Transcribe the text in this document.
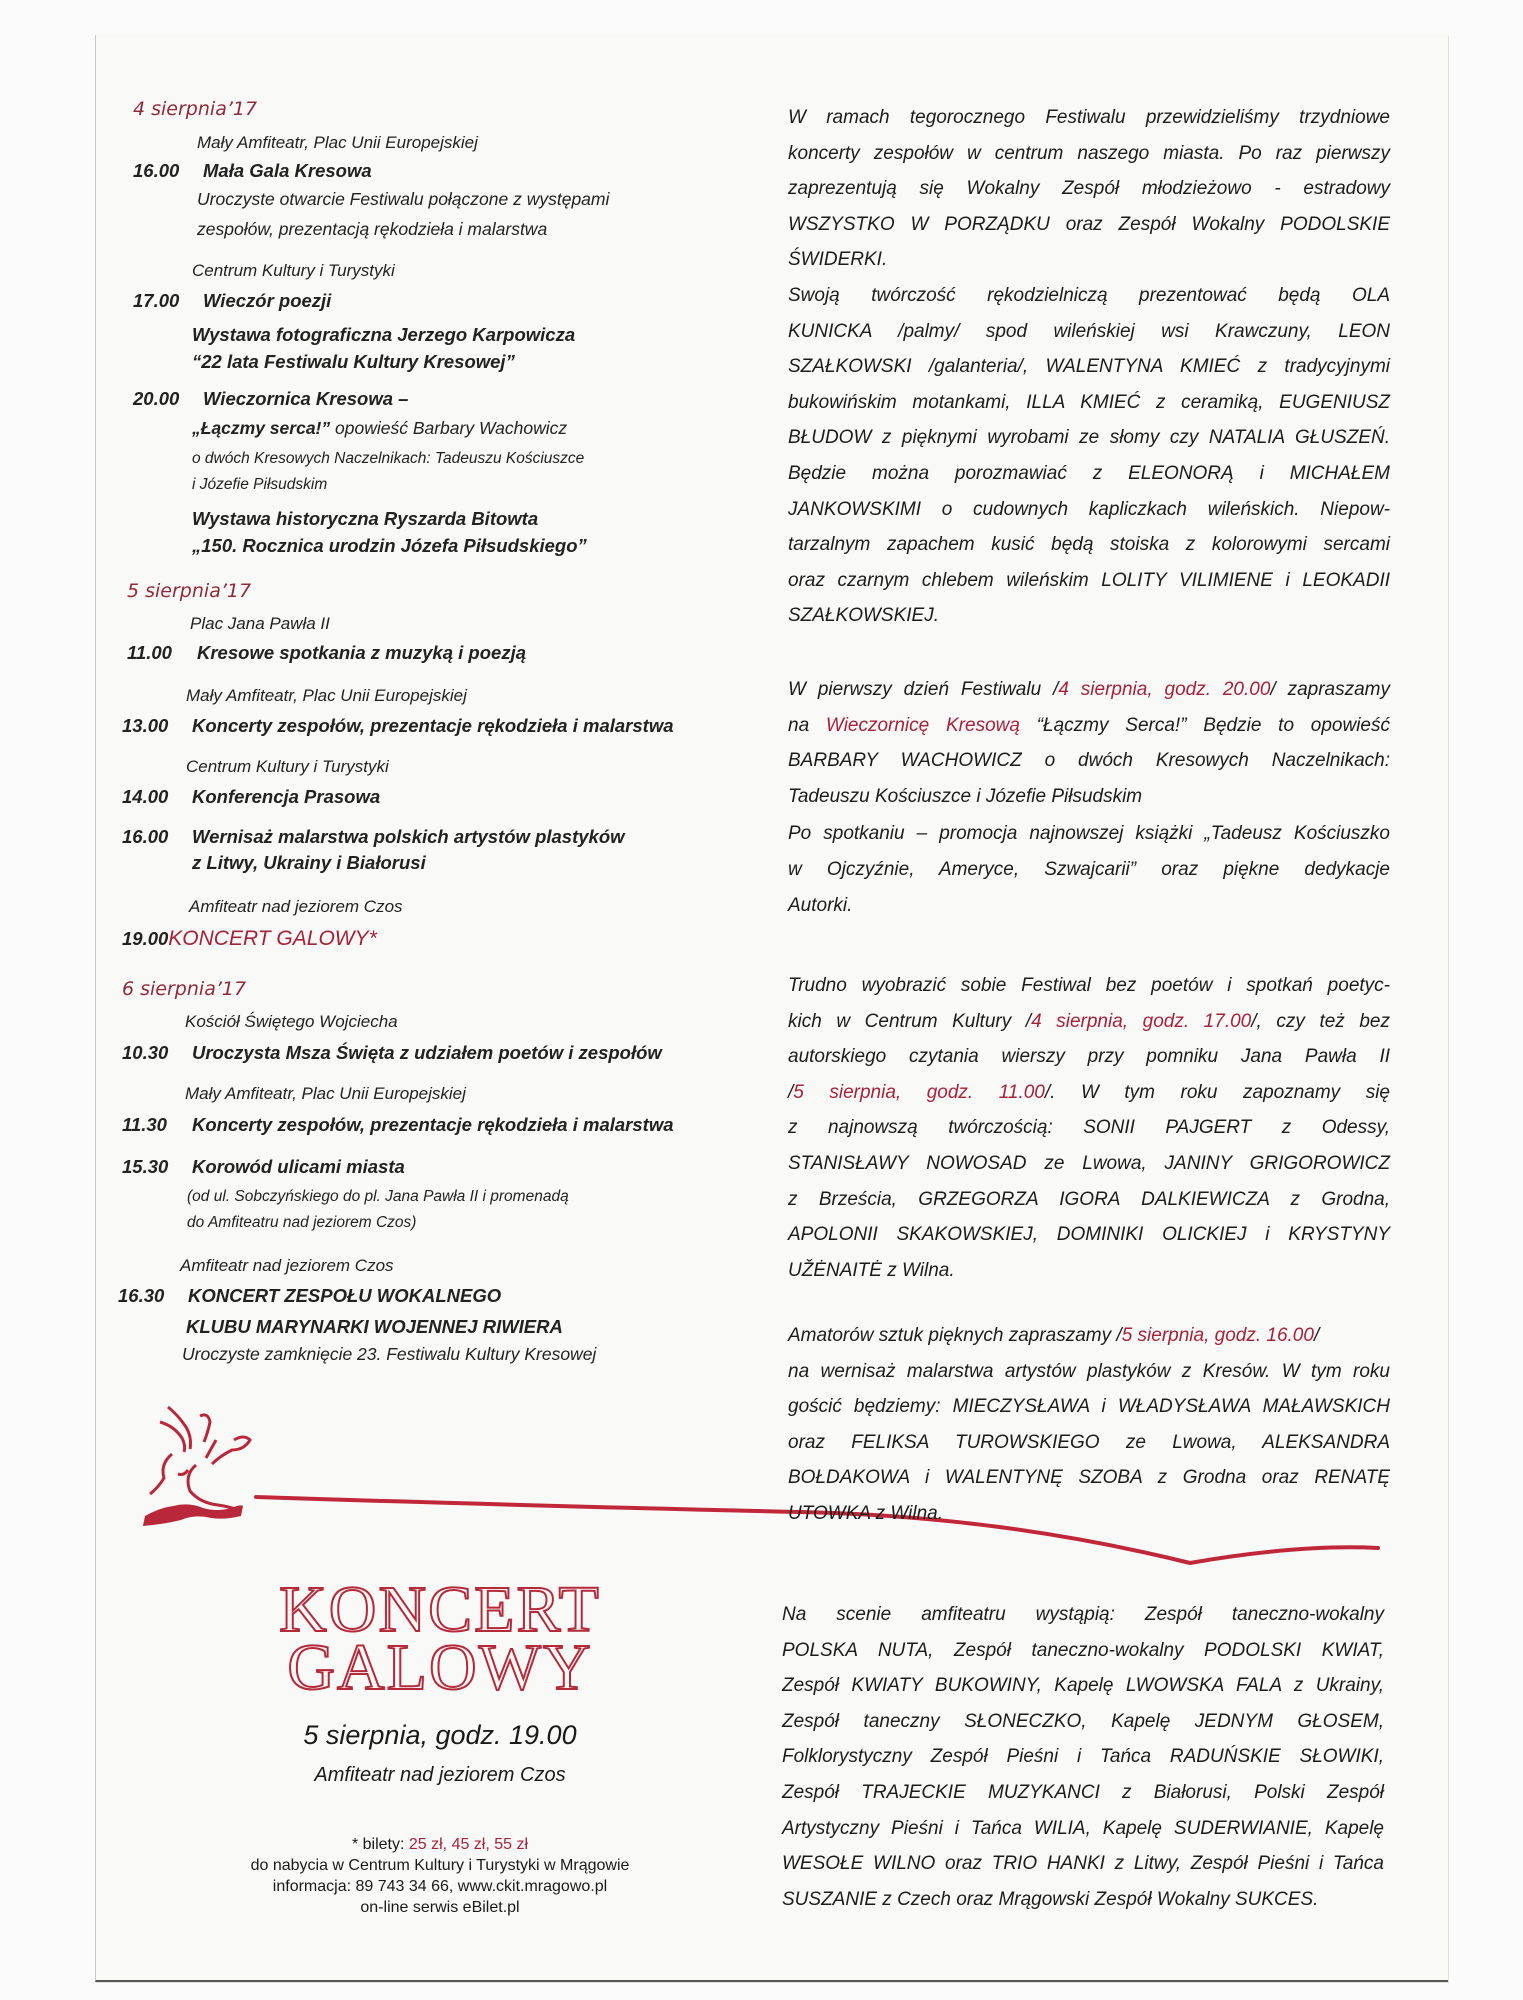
4 sierpnia’17
Mały Amfiteatr, Plac Unii Europejskiej
16.00 Mała Gala Kresowa
Uroczyste otwarcie Festiwalu połączone z występami
zespołów, prezentacją rękodzieła i malarstwa
Centrum Kultury i Turystyki
17.00 Wieczór poezji
Wystawa fotograficzna Jerzego Karpowicza
“22 lata Festiwalu Kultury Kresowej”
20.00 Wieczornica Kresowa –
„Łączmy serca!” opowieść Barbary Wachowicz
o dwóch Kresowych Naczelnikach: Tadeuszu Kościuszce
i Józefie Piłsudskim
Wystawa historyczna Ryszarda Bitowta
„150. Rocznica urodzin Józefa Piłsudskiego”
5 sierpnia’17
Plac Jana Pawła II
11.00 Kresowe spotkania z muzyką i poezją
Mały Amfiteatr, Plac Unii Europejskiej
13.00 Koncerty zespołów, prezentacje rękodzieła i malarstwa
Centrum Kultury i Turystyki
14.00 Konferencja Prasowa
16.00 Wernisaż malarstwa polskich artystów plastyków
z Litwy, Ukrainy i Białorusi
Amfiteatr nad jeziorem Czos
19.00KONCERT GALOWY*
6 sierpnia’17
Kościół Świętego Wojciecha
10.30 Uroczysta Msza Święta z udziałem poetów i zespołów
Mały Amfiteatr, Plac Unii Europejskiej
11.30 Koncerty zespołów, prezentacje rękodzieła i malarstwa
15.30 Korowód ulicami miasta
(od ul. Sobczyńskiego do pl. Jana Pawła II i promenadą
do Amfiteatru nad jeziorem Czos)
Amfiteatr nad jeziorem Czos
16.30 KONCERT ZESPOŁU WOKALNEGO
KLUBU MARYNARKI WOJENNEJ RIWIERA
Uroczyste zamknięcie 23. Festiwalu Kultury Kresowej
W ramach tegorocznego Festiwalu przewidzieliśmy trzydniowe
koncerty zespołów w centrum naszego miasta. Po raz pierwszy
zaprezentują się Wokalny Zespół młodzieżowo - estradowy
WSZYSTKO W PORZĄDKU oraz Zespół Wokalny PODOLSKIE
ŚWIDERKI.
Swoją twórczość rękodzielniczą prezentować będą OLA
KUNICKA /palmy/ spod wileńskiej wsi Krawczuny, LEON
SZAŁKOWSKI /galanteria/, WALENTYNA KMIEĆ z tradycyjnymi
bukowińskim motankami, ILLA KMIEĆ z ceramiką, EUGENIUSZ
BŁUDOW z pięknymi wyrobami ze słomy czy NATALIA GŁUSZEŃ.
Będzie można porozmawiać z ELEONORĄ i MICHAŁEM
JANKOWSKIMI o cudownych kapliczkach wileńskich. Niepow-
tarzalnym zapachem kusić będą stoiska z kolorowymi sercami
oraz czarnym chlebem wileńskim LOLITY VILIMIENE i LEOKADII
SZAŁKOWSKIEJ.
W pierwszy dzień Festiwalu /4 sierpnia, godz. 20.00/ zapraszamy
na Wieczornicę Kresową “Łączmy Serca!” Będzie to opowieść
BARBARY WACHOWICZ o dwóch Kresowych Naczelnikach:
Tadeuszu Kościuszce i Józefie Piłsudskim
Po spotkaniu – promocja najnowszej książki „Tadeusz Kościuszko
w Ojczyźnie, Ameryce, Szwajcarii” oraz piękne dedykacje
Autorki.
Trudno wyobrazić sobie Festiwal bez poetów i spotkań poetyc-
kich w Centrum Kultury /4 sierpnia, godz. 17.00/, czy też bez
autorskiego czytania wierszy przy pomniku Jana Pawła II
/5 sierpnia, godz. 11.00/. W tym roku zapoznamy się
z najnowszą twórczością: SONII PAJGERT z Odessy,
STANISŁAWY NOWOSAD ze Lwowa, JANINY GRIGOROWICZ
z Brześcia, GRZEGORZA IGORA DALKIEWICZA z Grodna,
APOLONII SKAKOWSKIEJ, DOMINIKI OLICKIEJ i KRYSTYNY
UŽĖNAITĖ z Wilna.
Amatorów sztuk pięknych zapraszamy /5 sierpnia, godz. 16.00/
na wernisaż malarstwa artystów plastyków z Kresów. W tym roku
gościć będziemy: MIECZYSŁAWA i WŁADYSŁAWA MAŁAWSKICH
oraz FELIKSA TUROWSKIEGO ze Lwowa, ALEKSANDRA
BOŁDAKOWA i WALENTYNĘ SZOBA z Grodna oraz RENATĘ
UTOWKA z Wilna.
Na scenie amfiteatru wystąpią: Zespół taneczno-wokalny
POLSKA NUTA, Zespół taneczno-wokalny PODOLSKI KWIAT,
Zespół KWIATY BUKOWINY, Kapelę LWOWSKA FALA z Ukrainy,
Zespół taneczny SŁONECZKO, Kapelę JEDNYM GŁOSEM,
Folklorystyczny Zespół Pieśni i Tańca RADUŃSKIE SŁOWIKI,
Zespół TRAJECKIE MUZYKANCI z Białorusi, Polski Zespół
Artystyczny Pieśni i Tańca WILIA, Kapelę SUDERWIANIE, Kapelę
WESOŁE WILNO oraz TRIO HANKI z Litwy, Zespół Pieśni i Tańca
SUSZANIE z Czech oraz Mrągowski Zespół Wokalny SUKCES.
KONCERT
GALOWY
5 sierpnia, godz. 19.00
Amfiteatr nad jeziorem Czos
* bilety: 25 zł, 45 zł, 55 zł
do nabycia w Centrum Kultury i Turystyki w Mrągowie
informacja: 89 743 34 66, www.ckit.mragowo.pl
on-line serwis eBilet.pl
